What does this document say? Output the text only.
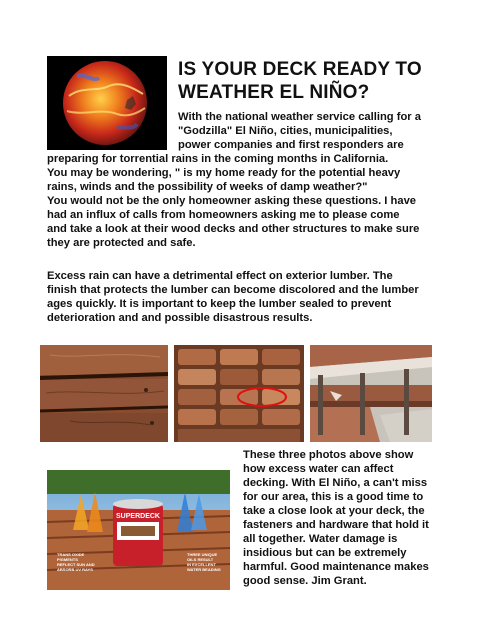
IS YOUR DECK READY TO
WEATHER EL NIÑO?

With the national weather service calling for a
"Godzilla" El Niño, cities, municipalities,
power companies and first responders are

preparing for torrential rains in the coming months in California.
You may be wondering, " is my home ready for the potential heavy
rains, winds and the possibility of weeks of damp weather?"
You would not be the only homeowner asking these questions. I have
had an influx of calls from homeowners asking me to please come
and take a look at their wood decks and other structures to make sure
they are protected and safe.

Excess rain can have a detrimental effect on exterior lumber. The
finish that protects the lumber can become discolored and the lumber
ages quickly. It is important to keep the lumber sealed to prevent
deterioration and and possible disastrous results.

SUPERDECK
TRANS OXIDE
PIGMENTS
REFLECT SUN AND
ABSORB UV RAYS
THREE UNIQUE
OILS RESULT
IN EXCELLENT
WATER BEADING

These three photos above show
how excess water can affect
decking. With El Niño, a can't miss
for our area, this is a good time to
take a close look at your deck, the
fasteners and hardware that hold it
all together. Water damage is
insidious but can be extremely
harmful. Good maintenance makes
good sense. Jim Grant.
